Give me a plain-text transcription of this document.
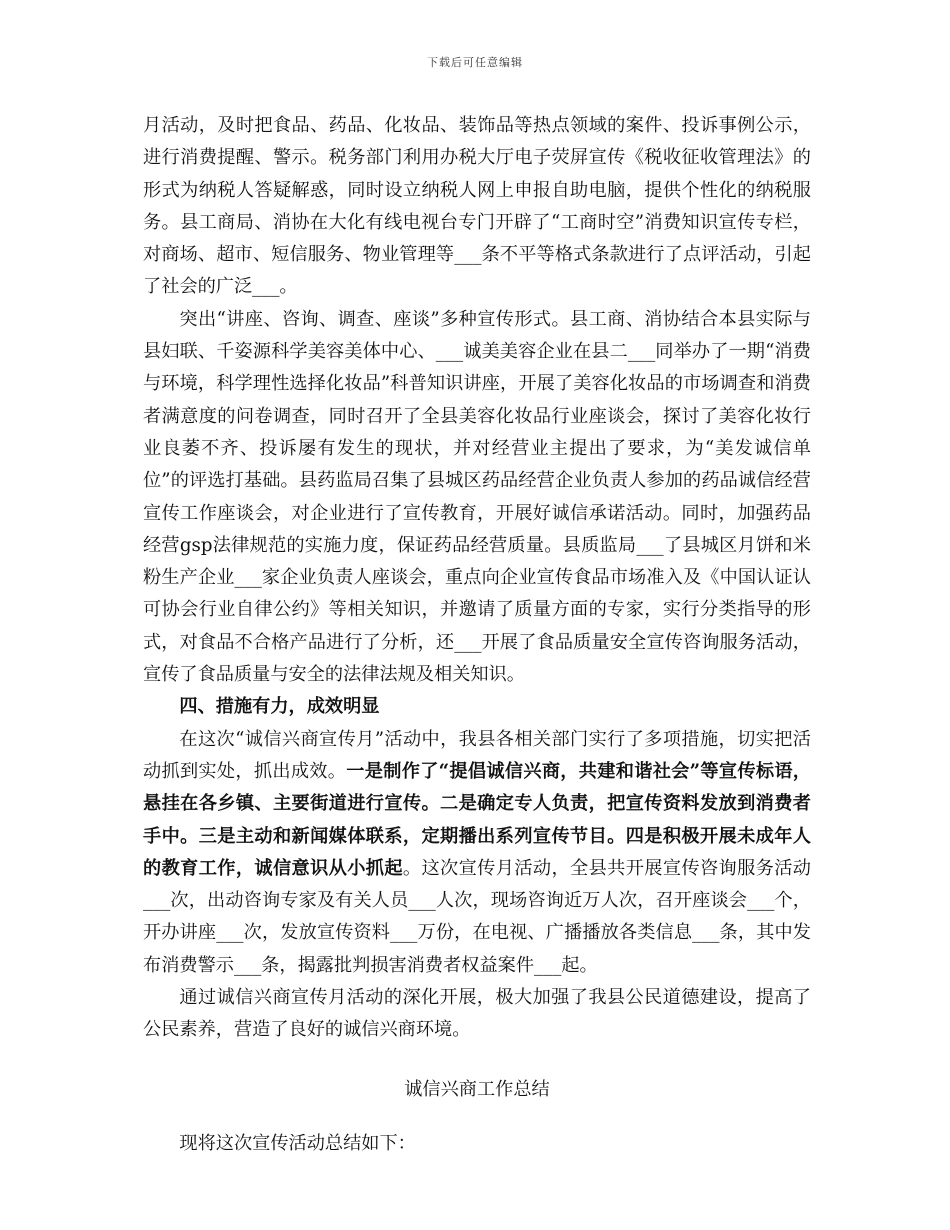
下载后可任意编辑

月活动，及时把食品、药品、化妆品、装饰品等热点领域的案件、投诉事例公示，进行消费提醒、警示。税务部门利用办税大厅电子荧屏宣传《税收征收管理法》的形式为纳税人答疑解惑，同时设立纳税人网上申报自助电脑，提供个性化的纳税服务。县工商局、消协在大化有线电视台专门开辟了“工商时空”消费知识宣传专栏，对商场、超市、短信服务、物业管理等___条不平等格式条款进行了点评活动，引起了社会的广泛___。

突出“讲座、咨询、调查、座谈”多种宣传形式。县工商、消协结合本县实际与县妇联、千姿源科学美容美体中心、___诚美美容企业在县二___同举办了一期“消费与环境，科学理性选择化妆品”科普知识讲座，开展了美容化妆品的市场调查和消费者满意度的问卷调查，同时召开了全县美容化妆品行业座谈会，探讨了美容化妆行业良萎不齐、投诉屡有发生的现状，并对经营业主提出了要求，为“美发诚信单位”的评选打基础。县药监局召集了县城区药品经营企业负责人参加的药品诚信经营宣传工作座谈会，对企业进行了宣传教育，开展好诚信承诺活动。同时，加强药品经营gsp法律规范的实施力度，保证药品经营质量。县质监局___了县城区月饼和米粉生产企业___家企业负责人座谈会，重点向企业宣传食品市场准入及《中国认证认可协会行业自律公约》等相关知识，并邀请了质量方面的专家，实行分类指导的形式，对食品不合格产品进行了分析，还___开展了食品质量安全宣传咨询服务活动，宣传了食品质量与安全的法律法规及相关知识。

四、措施有力，成效明显

在这次“诚信兴商宣传月”活动中，我县各相关部门实行了多项措施，切实把活动抓到实处，抓出成效。一是制作了“提倡诚信兴商，共建和谐社会”等宣传标语，悬挂在各乡镇、主要街道进行宣传。二是确定专人负责，把宣传资料发放到消费者手中。三是主动和新闻媒体联系，定期播出系列宣传节目。四是积极开展未成年人的教育工作，诚信意识从小抓起。这次宣传月活动，全县共开展宣传咨询服务活动___次，出动咨询专家及有关人员___人次，现场咨询近万人次，召开座谈会___个，开办讲座___次，发放宣传资料___万份，在电视、广播播放各类信息___条，其中发布消费警示___条，揭露批判损害消费者权益案件___起。

通过诚信兴商宣传月活动的深化开展，极大加强了我县公民道德建设，提高了公民素养，营造了良好的诚信兴商环境。

诚信兴商工作总结

现将这次宣传活动总结如下：
